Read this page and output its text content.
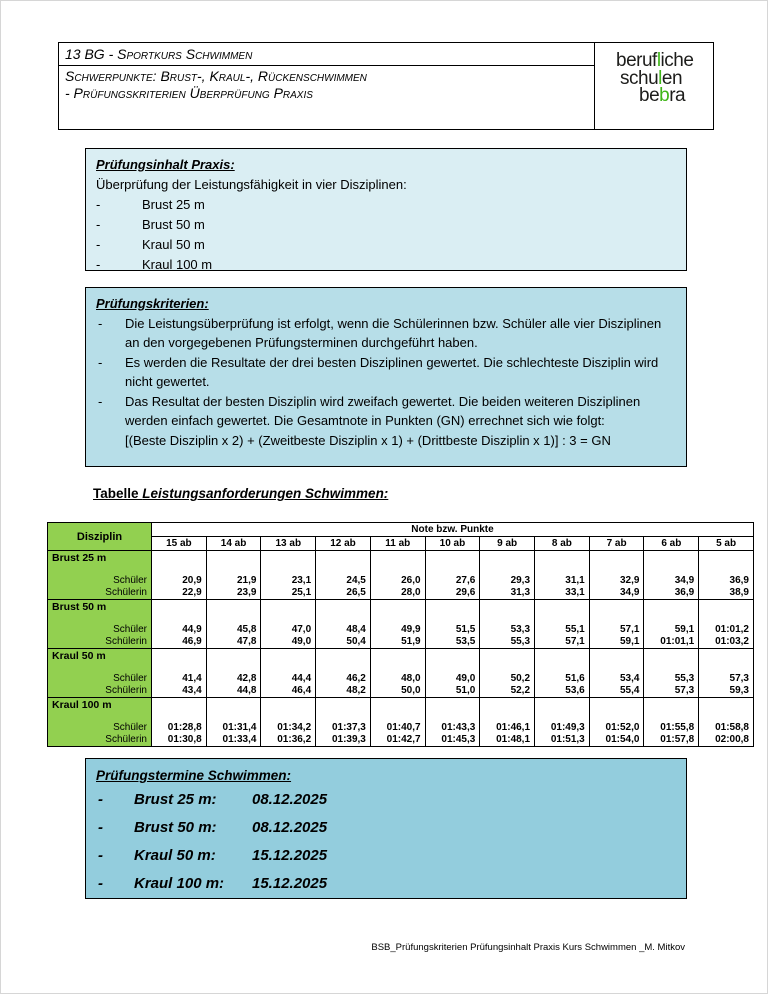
13 BG - Sportkurs Schwimmen
Schwerpunkte: Brust-, Kraul-, Rückenschwimmen
- Prüfungskriterien Überprüfung Praxis
berufliche
schulen
bebra
Prüfungsinhalt Praxis:
Überprüfung der Leistungsfähigkeit in vier Disziplinen:
-	Brust 25 m
-	Brust 50 m
-	Kraul 50 m
-	Kraul 100 m
Prüfungskriterien:
- Die Leistungsüberprüfung ist erfolgt, wenn die Schülerinnen bzw. Schüler alle vier Disziplinen an den vorgegebenen Prüfungsterminen durchgeführt haben.
- Es werden die Resultate der drei besten Disziplinen gewertet. Die schlechteste Disziplin wird nicht gewertet.
- Das Resultat der besten Disziplin wird zweifach gewertet. Die beiden weiteren Disziplinen werden einfach gewertet. Die Gesamtnote in Punkten (GN) errechnet sich wie folgt:
[(Beste Disziplin x 2) + (Zweitbeste Disziplin x 1) + (Drittbeste Disziplin x 1)] : 3 = GN
Tabelle Leistungsanforderungen Schwimmen:
Disziplin	Note bzw. Punkte										
	15 ab	14 ab	13 ab	12 ab	11 ab	10 ab	9 ab	8 ab	7 ab	6 ab	5 ab
Brust 25 m											

Schüler	20,9	21,9	23,1	24,5	26,0	27,6	29,3	31,1	32,9	34,9	36,9
Schülerin	22,9	23,9	25,1	26,5	28,0	29,6	31,3	33,1	34,9	36,9	38,9
Brust 50 m											

Schüler	44,9	45,8	47,0	48,4	49,9	51,5	53,3	55,1	57,1	59,1	01:01,2
Schülerin	46,9	47,8	49,0	50,4	51,9	53,5	55,3	57,1	59,1	01:01,1	01:03,2
Kraul 50 m											

Schüler	41,4	42,8	44,4	46,2	48,0	49,0	50,2	51,6	53,4	55,3	57,3
Schülerin	43,4	44,8	46,4	48,2	50,0	51,0	52,2	53,6	55,4	57,3	59,3
Kraul 100 m											

Schüler	01:28,8	01:31,4	01:34,2	01:37,3	01:40,7	01:43,3	01:46,1	01:49,3	01:52,0	01:55,8	01:58,8
Schülerin	01:30,8	01:33,4	01:36,2	01:39,3	01:42,7	01:45,3	01:48,1	01:51,3	01:54,0	01:57,8	02:00,8
Prüfungstermine Schwimmen:
-	Brust 25 m:	08.12.2025
-	Brust 50 m:	08.12.2025
-	Kraul 50 m:	15.12.2025
-	Kraul 100 m:	15.12.2025
BSB_Prüfungskriterien Prüfungsinhalt Praxis Kurs Schwimmen _M. Mitkov
